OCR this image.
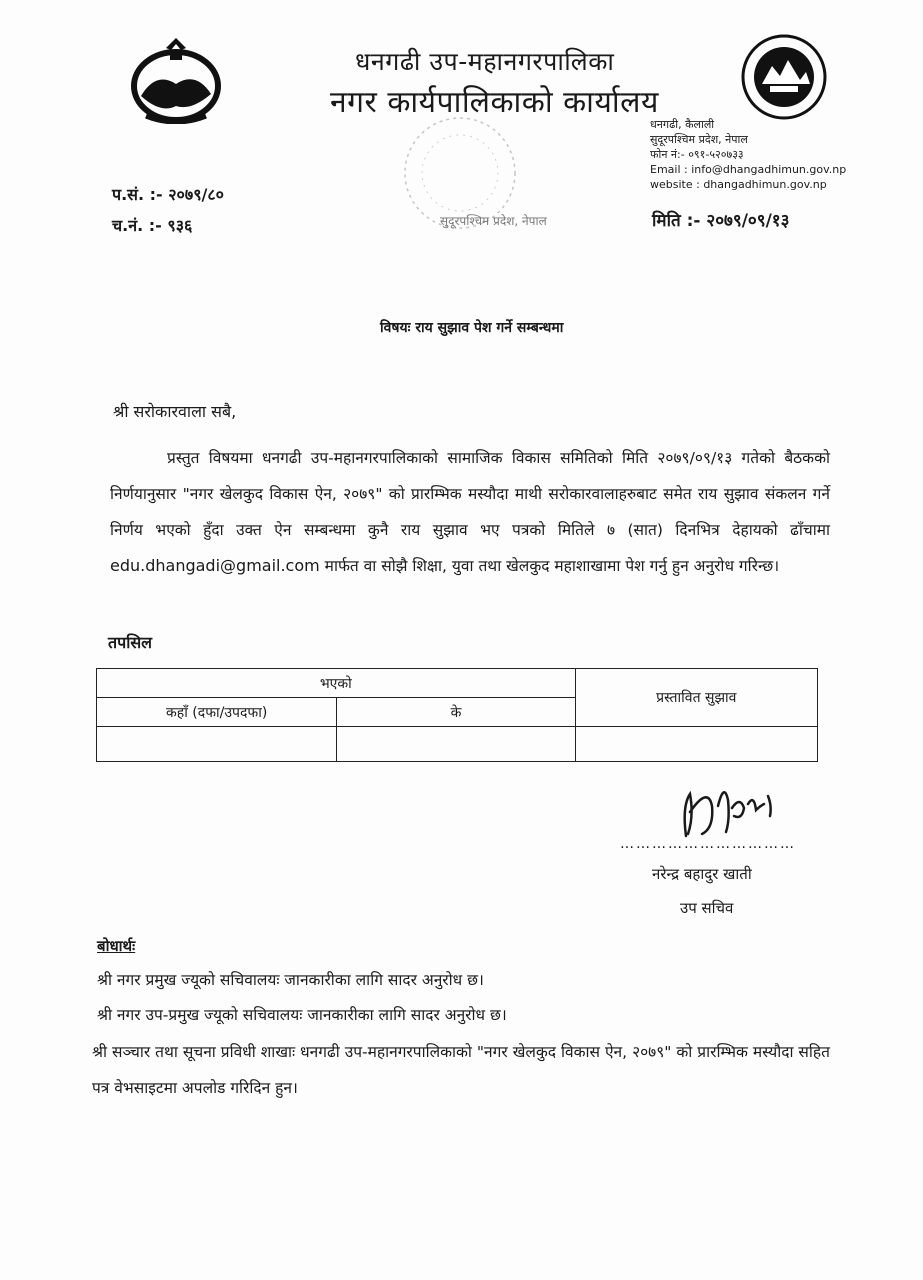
धनगढी उप-महानगरपालिका
नगर कार्यपालिकाको कार्यालय
सुदूरपश्चिम प्रदेश, नेपाल
धनगढी, कैलाली
सुदूरपश्चिम प्रदेश, नेपाल
फोन नं:- ०९१-५२०७३३
Email : info@dhangadhimun.gov.np
website : dhangadhimun.gov.np
प.सं. :- २०७९/८०
च.नं. :- ९३६	मिति :- २०७९/०९/१३
विषयः राय सुझाव पेश गर्ने सम्बन्धमा
श्री सरोकारवाला सबै,
प्रस्तुत विषयमा धनगढी उप-महानगरपालिकाको सामाजिक विकास समितिको मिति २०७९/०९/१३ गतेको बैठकको निर्णयानुसार "नगर खेलकुद विकास ऐन, २०७९" को प्रारम्भिक मस्यौदा माथी सरोकारवालाहरुबाट समेत राय सुझाव संकलन गर्ने निर्णय भएको हुँदा उक्त ऐन सम्बन्धमा कुनै राय सुझाव भए पत्रको मितिले ७ (सात) दिनभित्र देहायको ढाँचामा edu.dhangadi@gmail.com मार्फत वा सोझै शिक्षा, युवा तथा खेलकुद महाशाखामा पेश गर्नु हुन अनुरोध गरिन्छ।
तपसिल
भएको		प्रस्तावित सुझाव
कहाँ (दफा/उपदफा)	के	

……………………………
नरेन्द्र बहादुर खाती
उप सचिव
बोधार्थः
श्री नगर प्रमुख ज्यूको सचिवालयः जानकारीका लागि सादर अनुरोध छ।
श्री नगर उप-प्रमुख ज्यूको सचिवालयः जानकारीका लागि सादर अनुरोध छ।
श्री सञ्चार तथा सूचना प्रविधी शाखाः धनगढी उप-महानगरपालिकाको "नगर खेलकुद विकास ऐन, २०७९" को प्रारम्भिक मस्यौदा सहित पत्र वेभसाइटमा अपलोड गरिदिन हुन।
